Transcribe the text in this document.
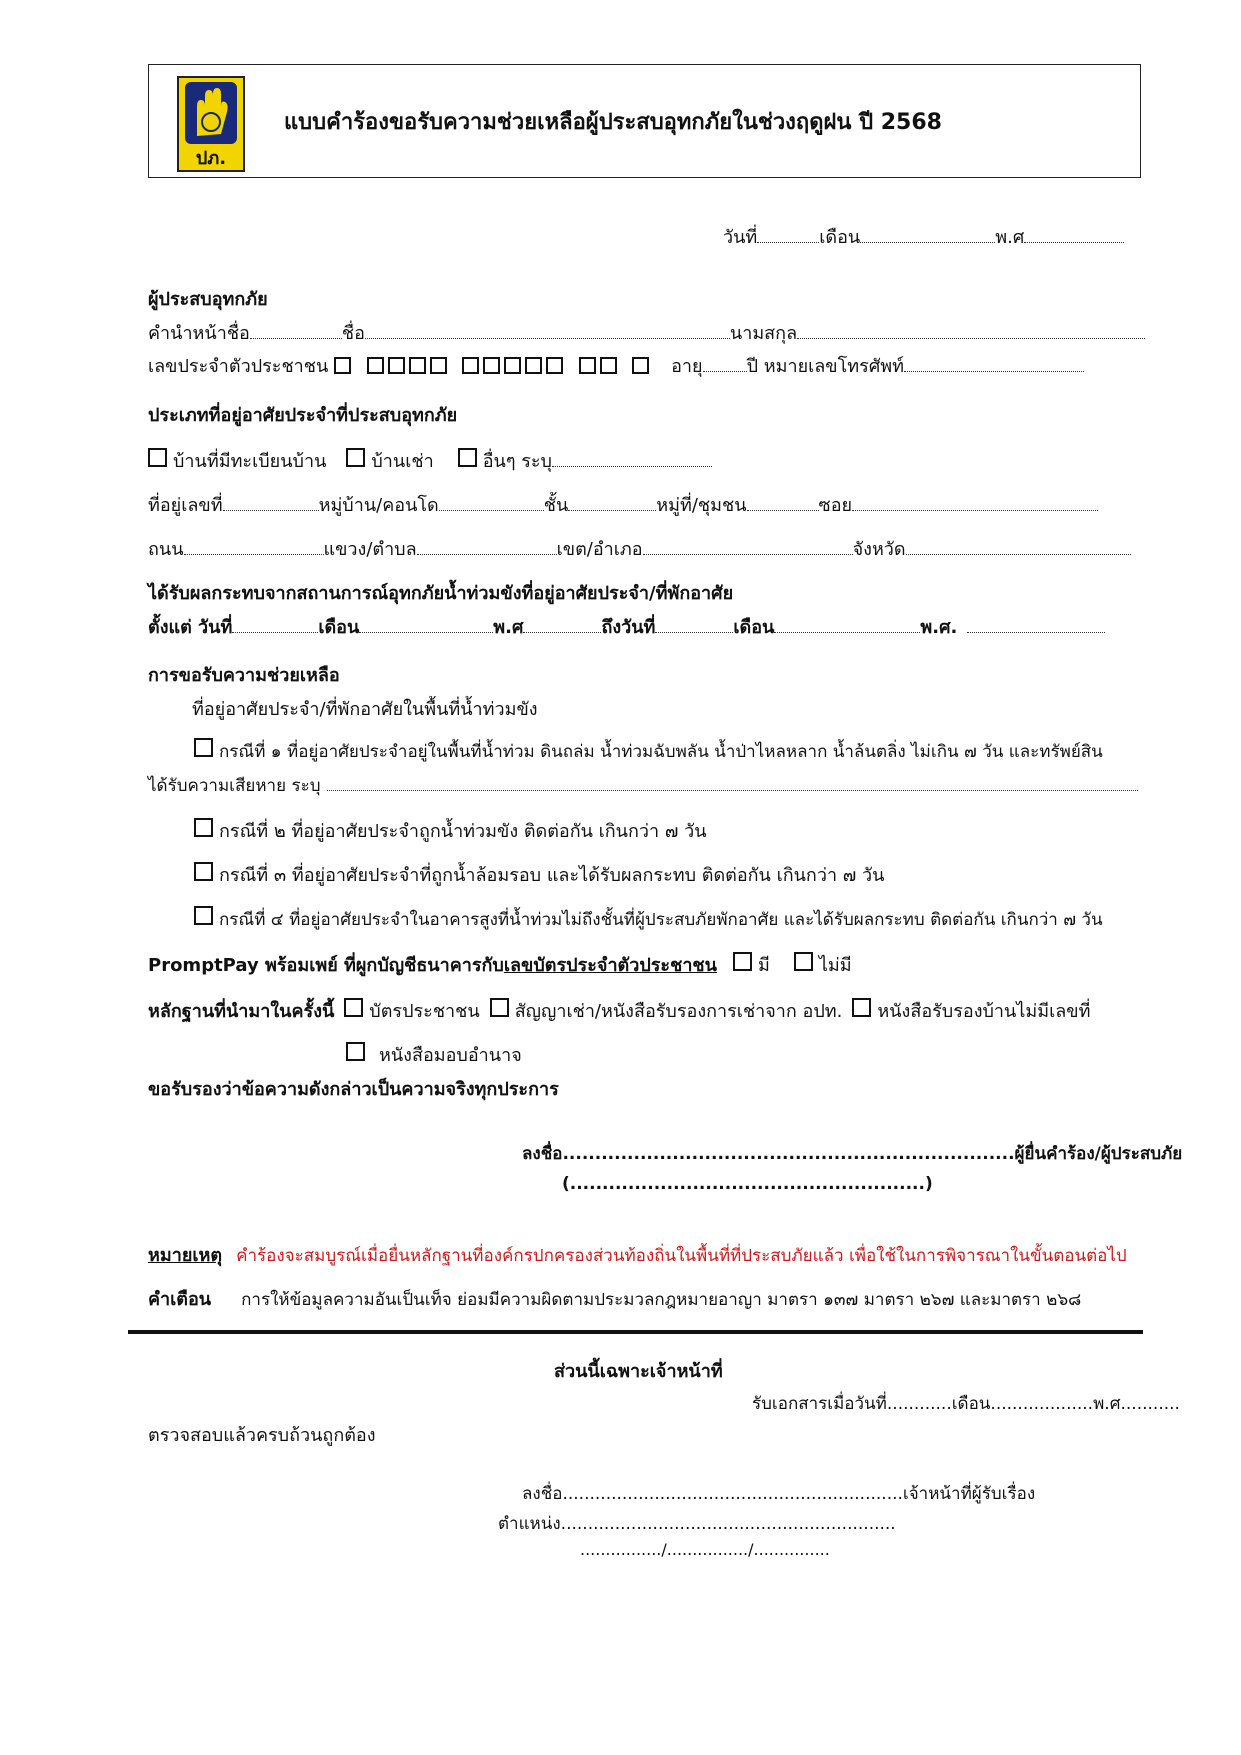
ปภ.
แบบคำร้องขอรับความช่วยเหลือผู้ประสบอุทกภัยในช่วงฤดูฝน ปี 2568
วันที่	เดือน	พ.ศ
ผู้ประสบอุทกภัย
คำนำหน้าชื่อ	ชื่อ	นามสกุล
เลขประจำตัวประชาชน
	อายุ ปี หมายเลขโทรศัพท์
ประเภทที่อยู่อาศัยประจำที่ประสบอุทกภัย
บ้านที่มีทะเบียนบ้าน	บ้านเช่า	อื่นๆ ระบุ
ที่อยู่เลขที่	หมู่บ้าน/คอนโด	ชั้น	หมู่ที่/ชุมชน	ซอย
ถนน	แขวง/ตำบล	เขต/อำเภอ	จังหวัด
ได้รับผลกระทบจากสถานการณ์อุทกภัยน้ำท่วมขังที่อยู่อาศัยประจำ/ที่พักอาศัย
ตั้งแต่ วันที่	เดือน	พ.ศ	ถึงวันที่	เดือน	พ.ศ.
การขอรับความช่วยเหลือ
ที่อยู่อาศัยประจำ/ที่พักอาศัยในพื้นที่น้ำท่วมขัง
กรณีที่ ๑ ที่อยู่อาศัยประจำอยู่ในพื้นที่น้ำท่วม ดินถล่ม น้ำท่วมฉับพลัน น้ำป่าไหลหลาก น้ำล้นตลิ่ง ไม่เกิน ๗ วัน และทรัพย์สิน
ได้รับความเสียหาย ระบุ
กรณีที่ ๒ ที่อยู่อาศัยประจำถูกน้ำท่วมขัง ติดต่อกัน เกินกว่า ๗ วัน
กรณีที่ ๓ ที่อยู่อาศัยประจำที่ถูกน้ำล้อมรอบ และได้รับผลกระทบ ติดต่อกัน เกินกว่า ๗ วัน
กรณีที่ ๔ ที่อยู่อาศัยประจำในอาคารสูงที่น้ำท่วมไม่ถึงชั้นที่ผู้ประสบภัยพักอาศัย และได้รับผลกระทบ ติดต่อกัน เกินกว่า ๗ วัน
PromptPay พร้อมเพย์ ที่ผูกบัญชีธนาคารกับ เลขบัตรประจำตัวประชาชน มี	ไม่มี
หลักฐานที่นำมาในครั้งนี้ บัตรประชาชน สัญญาเช่า/หนังสือรับรองการเช่าจาก อปท. หนังสือรับรองบ้านไม่มีเลขที่
หนังสือมอบอำนาจ
ขอรับรองว่าข้อความดังกล่าวเป็นความจริงทุกประการ
ลงชื่อ......................................................................ผู้ยื่นคำร้อง/ผู้ประสบภัย
(.......................................................)
หมายเหตุ คำร้องจะสมบูรณ์เมื่อยื่นหลักฐานที่องค์กรปกครองส่วนท้องถิ่นในพื้นที่ที่ประสบภัยแล้ว เพื่อใช้ในการพิจารณาในขั้นตอนต่อไป
คำเตือน การให้ข้อมูลความอันเป็นเท็จ ย่อมมีความผิดตามประมวลกฎหมายอาญา มาตรา ๑๓๗ มาตรา ๒๖๗ และมาตรา ๒๖๘
ส่วนนี้เฉพาะเจ้าหน้าที่
รับเอกสารเมื่อวันที่............เดือน...................พ.ศ...........
ตรวจสอบแล้วครบถ้วนถูกต้อง
ลงชื่อ...............................................................เจ้าหน้าที่ผู้รับเรื่อง
ตำแหน่ง..............................................................
................/................/...............
